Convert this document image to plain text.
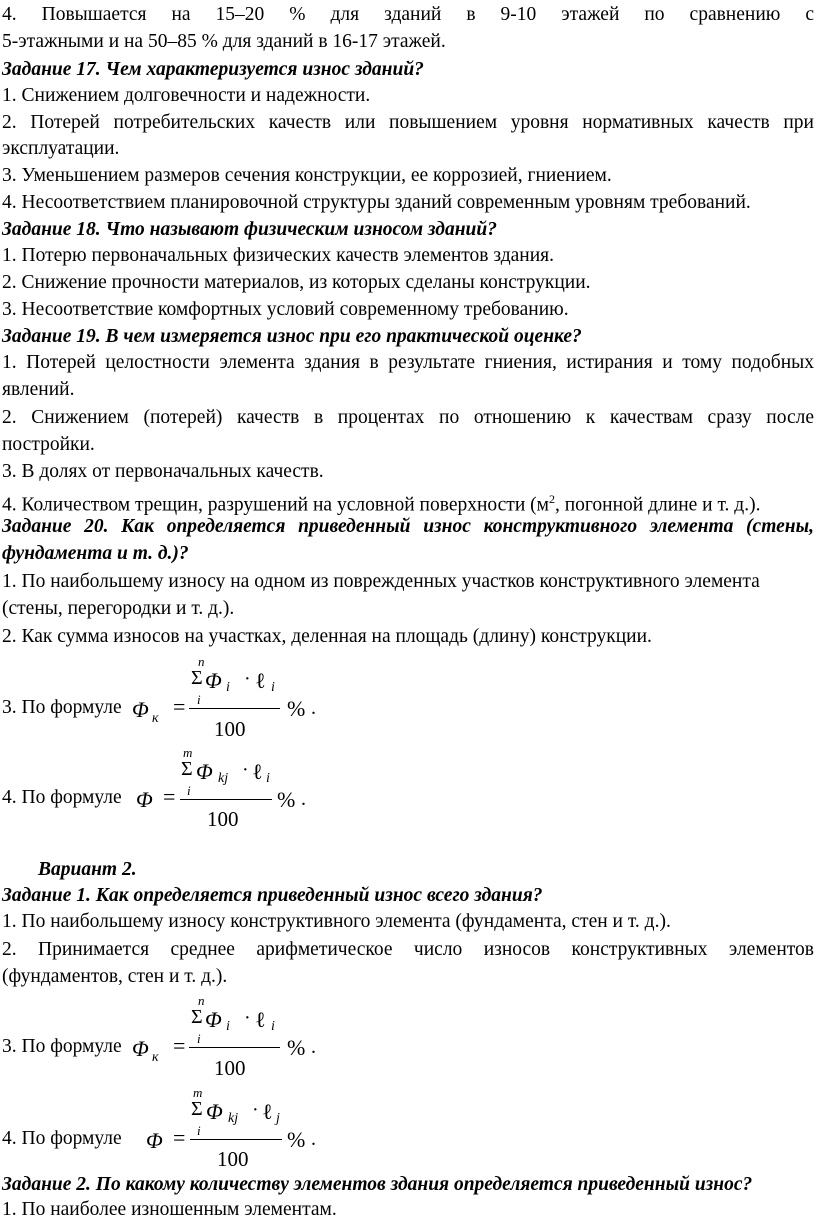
4. Повышается на 15–20 % для зданий в 9-10 этажей по сравнению с
5-этажными и на 50–85 % для зданий в 16-17 этажей.
Задание 17. Чем характеризуется износ зданий?
1. Снижением долговечности и надежности.
2. Потерей потребительских качеств или повышением уровня нормативных качеств при
эксплуатации.
3. Уменьшением размеров сечения конструкции, ее коррозией, гниением.
4. Несоответствием планировочной структуры зданий современным уровням требований.
Задание 18. Что называют физическим износом зданий?
1. Потерю первоначальных физических качеств элементов здания.
2. Снижение прочности материалов, из которых сделаны конструкции.
3. Несоответствие комфортных условий современному требованию.
Задание 19. В чем измеряется износ при его практической оценке?
1. Потерей целостности элемента здания в результате гниения, истирания и тому подобных
явлений.
2. Снижением (потерей) качеств в процентах по отношению к качествам сразу после
постройки.
3. В долях от первоначальных качеств.
4. Количеством трещин, разрушений на условной поверхности ($м^2$, погонной длине и т. д.).
Задание 20. Как определяется приведенный износ конструктивного элемента (стены,
фундамента и т. д.)?
1. По наибольшему износу на одном из поврежденных участков конструктивного элемента
(стены, перегородки и т. д.).
2. Как сумма износов на участках, деленная на площадь (длину) конструкции.
3. По формуле Φ к =
n
Σ Φ i · ℓ i
i
100
% .
4. По формуле Φ =
m
Σ Φ kj · ℓ i
i
100
% .
Вариант 2.
Задание 1. Как определяется приведенный износ всего здания?
1. По наибольшему износу конструктивного элемента (фундамента, стен и т. д.).
2. Принимается среднее арифметическое число износов конструктивных элементов
(фундаментов, стен и т. д.).
3. По формуле Φ к =
n
Σ Φ i · ℓ i
i
100
% .
4. По формуле Φ =
m
Σ Φ kj · ℓ j
i
100
% .
Задание 2. По какому количеству элементов здания определяется приведенный износ?
1. По наиболее изношенным элементам.
